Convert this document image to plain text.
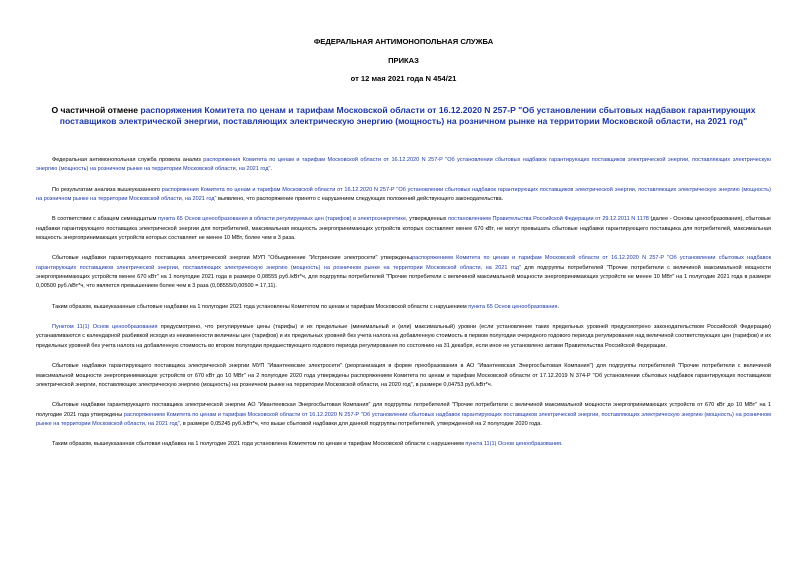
ФЕДЕРАЛЬНАЯ АНТИМОНОПОЛЬНАЯ СЛУЖБА
ПРИКАЗ
от 12 мая 2021 года N 454/21
О частичной отмене распоряжения Комитета по ценам и тарифам Московской области от 16.12.2020 N 257-Р "Об установлении сбытовых надбавок гарантирующих поставщиков электрической энергии, поставляющих электрическую энергию (мощность) на розничном рынке на территории Московской области, на 2021 год"

Федеральная антимонопольная служба провела анализ распоряжения Комитета по ценам и тарифам Московской области от 16.12.2020 N 257-Р "Об установлении сбытовых надбавок гарантирующих поставщиков электрической энергии, поставляющих электрическую энергию (мощность) на розничном рынке на территории Московской области, на 2021 год".

По результатам анализа вышеуказанного распоряжения Комитета по ценам и тарифам Московской области от 16.12.2020 N 257-Р "Об установлении сбытовых надбавок гарантирующих поставщиков электрической энергии, поставляющих электрическую энергию (мощность) на розничном рынке на территории Московской области, на 2021 год" выявлено, что распоряжение принято с нарушением следующих положений действующего законодательства.

В соответствии с абзацем семнадцатым пункта 65 Основ ценообразования в области регулируемых цен (тарифов) в электроэнергетике, утвержденных постановлением Правительства Российской Федерации от 29.12.2011 N 1178 (далее - Основы ценообразования), сбытовые надбавки гарантирующего поставщика электрической энергии для потребителей, максимальная мощность энергопринимающих устройств которых составляет менее 670 кВт, не могут превышать сбытовые надбавки гарантирующего поставщика для потребителей, максимальная мощность энергопринимающих устройств которых составляет не менее 10 МВт, более чем в 3 раза.

Сбытовые надбавки гарантирующего поставщика электрической энергии МУП "Объединение "Истринские электросети" утвержденыраспоряжением Комитета по ценам и тарифам Московской области от 16.12.2020 N 257-Р "Об установлении сбытовых надбавок гарантирующих поставщиков электрической энергии, поставляющих электрическую энергию (мощность) на розничном рынке на территории Московской области, на 2021 год" для подгруппы потребителей "Прочие потребители с величиной максимальной мощности энергопринимающих устройств менее 670 кВт" на 1 полугодие 2021 года в размере 0,08555 руб./кВт*ч, для подгруппы потребителей "Прочие потребители с величиной максимальной мощности энергопринимающих устройств не менее 10 МВт" на 1 полугодие 2021 года в размере 0,00500 руб./кВт*ч, что является превышением более чем в 3 раза (0,08555/0,00500 = 17,11).

Таким образом, вышеуказанные сбытовые надбавки на 1 полугодие 2021 года установлены Комитетом по ценам и тарифам Московской области с нарушением пункта 65 Основ ценообразования.

Пунктом 11(1) Основ ценообразования предусмотрено, что регулируемые цены (тарифы) и их предельные (минимальный и (или) максимальный) уровни (если установление таких предельных уровней предусмотрено законодательством Российской Федерации) устанавливаются с календарной разбивкой исходя из неизменности величины цен (тарифов) и их предельных уровней без учета налога на добавленную стоимость в первом полугодии очередного годового периода регулирования над величиной соответствующих цен (тарифов) и их предельных уровней без учета налога на добавленную стоимость во втором полугодии предшествующего годового периода регулирования по состоянию на 31 декабря, если иное не установлено актами Правительства Российской Федерации.

Сбытовые надбавки гарантирующего поставщика электрической энергии МУП "Ивантеевские электросети" (реорганизация в форме преобразования в АО "Ивантеевская Энергосбытовая Компания") для подгруппы потребителей "Прочие потребители с величиной максимальной мощности энергопринимающих устройств от 670 кВт до 10 МВт" на 2 полугодие 2020 года утверждены распоряжением Комитета по ценам и тарифам Московской области от 17.12.2019 N 374-Р "Об установлении сбытовых надбавок гарантирующих поставщиков электрической энергии, поставляющих электрическую энергию (мощность) на розничном рынке на территории Московской области, на 2020 год", в размере 0,04753 руб./кВт*ч.

Сбытовые надбавки гарантирующего поставщика электрической энергии АО "Ивантеевская Энергосбытовая Компания" для подгруппы потребителей "Прочие потребители с величиной максимальной мощности энергопринимающих устройств от 670 кВт до 10 МВт" на 1 полугодие 2021 года утверждены распоряжением Комитета по ценам и тарифам Московской области от 16.12.2020 N 257-Р "Об установлении сбытовых надбавок гарантирующих поставщиков электрической энергии, поставляющих электрическую энергию (мощность) на розничном рынке на территории Московской области, на 2021 год", в размере 0,05245 руб./кВт*ч, что выше сбытовой надбавки для данной подгруппы потребителей, утвержденной на 2 полугодие 2020 года.

Таким образом, вышеуказанная сбытовая надбавка на 1 полугодие 2021 года установлена Комитетом по ценам и тарифам Московской области с нарушением пункта 11(1) Основ ценообразования.
